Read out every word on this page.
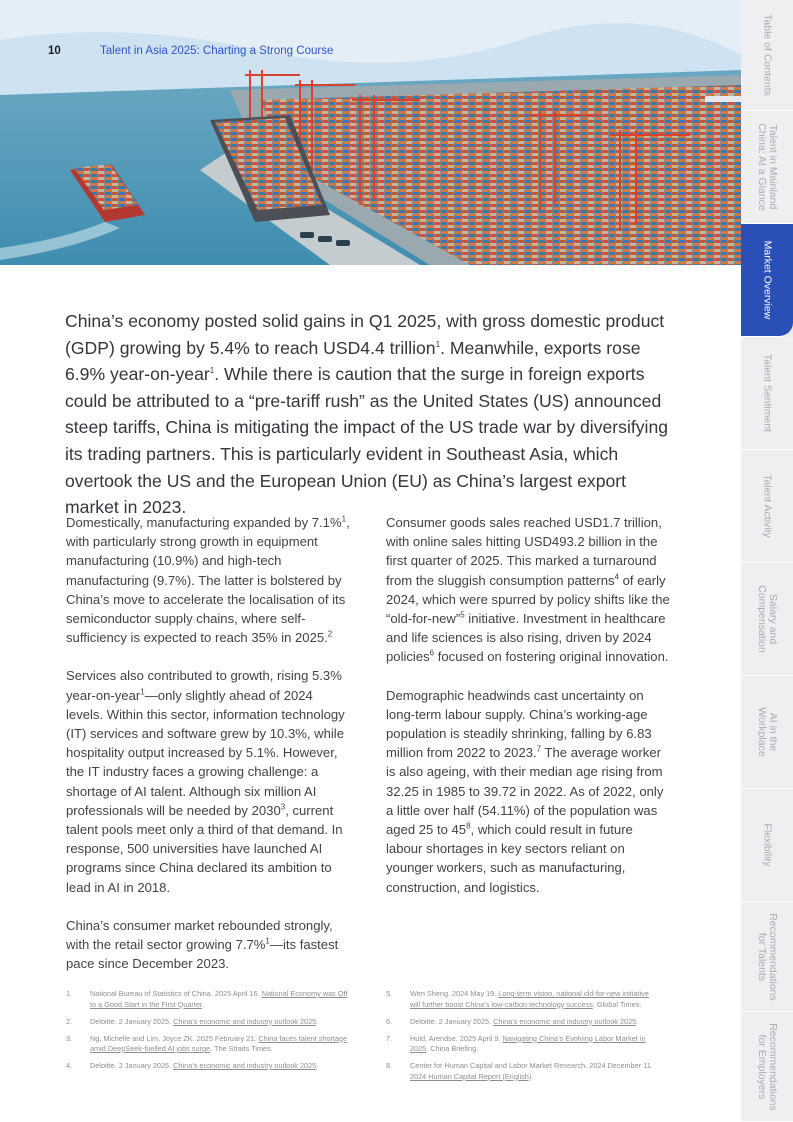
10	Talent in Asia 2025: Charting a Strong Course	Table of Contents
Talent in Mainland
China: At a Glance
Market Overview
Talent Sentiment
Talent Activity
Salary and
Compensation
AI in the
Workplace
Flexibility
Recommendations
for Talents
Recommendations
for Employers
China’s economy posted solid gains in Q1 2025, with gross domestic product (GDP) growing by 5.4% to reach USD4.4 trillion$^1$. Meanwhile, exports rose 6.9% year-on-year$^1$. While there is caution that the surge in foreign exports could be attributed to a “pre-tariff rush” as the United States (US) announced steep tariffs, China is mitigating the impact of the US trade war by diversifying its trading partners. This is particularly evident in Southeast Asia, which overtook the US and the European Union (EU) as China’s largest export market in 2023.

Domestically, manufacturing expanded by 7.1%$^1$, with particularly strong growth in equipment manufacturing (10.9%) and high-tech manufacturing (9.7%). The latter is bolstered by China’s move to accelerate the localisation of its semiconductor supply chains, where self-sufficiency is expected to reach 35% in 2025.$^2$

Services also contributed to growth, rising 5.3% year-on-year$^1$—only slightly ahead of 2024 levels. Within this sector, information technology (IT) services and software grew by 10.3%, while hospitality output increased by 5.1%. However, the IT industry faces a growing challenge: a shortage of AI talent. Although six million AI professionals will be needed by 2030$^3$, current talent pools meet only a third of that demand. In response, 500 universities have launched AI programs since China declared its ambition to lead in AI in 2018.

China’s consumer market rebounded strongly, with the retail sector growing 7.7%$^1$—its fastest pace since December 2023.

Consumer goods sales reached USD1.7 trillion, with online sales hitting USD493.2 billion in the first quarter of 2025. This marked a turnaround from the sluggish consumption patterns$^4$ of early 2024, which were spurred by policy shifts like the “old-for-new”$^5$ initiative. Investment in healthcare and life sciences is also rising, driven by 2024 policies$^6$ focused on fostering original innovation.

Demographic headwinds cast uncertainty on long-term labour supply. China’s working-age population is steadily shrinking, falling by 6.83 million from 2022 to 2023.$^7$ The average worker is also ageing, with their median age rising from 32.25 in 1985 to 39.72 in 2022. As of 2022, only a little over half (54.11%) of the population was aged 25 to $45^8$, which could result in future labour shortages in key sectors reliant on younger workers, such as manufacturing, construction, and logistics.

1.	National Bureau of Statistics of China. 2025 April 16. National Economy was Off to a Good Start in the First Quarter.
2.	Deloitte. 2 January 2025. China’s economic and industry outlook 2025.
3.	Ng, Michelle and Lim, Joyce ZK. 2025 February 21. China faces talent shortage amid DeepSeek-fuelled AI jobs surge. The Straits Times.
4.	Deloitte. 2 January 2025. China’s economic and industry outlook 2025.
5.	Wen Sheng. 2024 May 19. Long-term vision, national old-for-new initiative will further boost China’s low-carbon technology success. Global Times.
6.	Deloitte. 2 January 2025. China’s economic and industry outlook 2025.
7.	Huld, Arendse. 2025 April 9. Navigating China’s Evolving Labor Market in 2025. China Briefing.
8.	Center for Human Capital and Labor Market Research. 2024 December 11. 2024 Human Capital Report (English).
